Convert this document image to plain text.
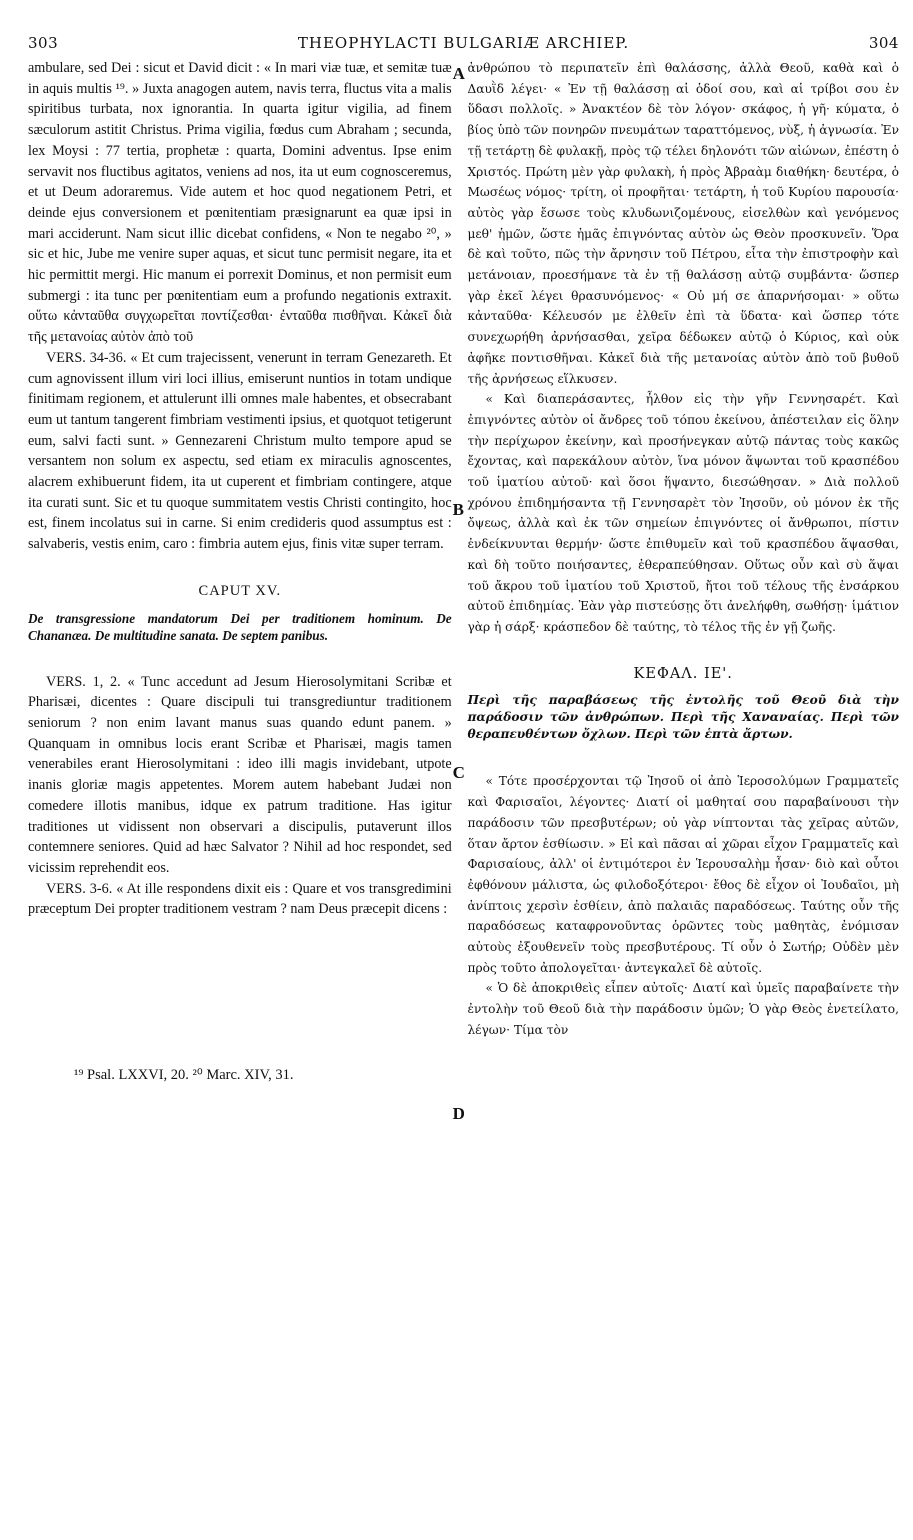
303	THEOPHYLACTI BULGARIÆ ARCHIEP.	304

ambulare, sed Dei : sicut et David dicit : « In mari viæ tuæ, et semitæ tuæ in aquis multis ¹⁹. » Juxta anagogen autem, navis terra, fluctus vita a malis spiritibus turbata, nox ignorantia. In quarta igitur vigilia, ad finem sæculorum astitit Christus. Prima vigilia, fœdus cum Abraham ; secunda, lex Moysi : 77 tertia, prophetæ : quarta, Domini adventus. Ipse enim servavit nos fluctibus agitatos, veniens ad nos, ita ut eum cognosceremus, et ut Deum adoraremus. Vide autem et hoc quod negationem Petri, et deinde ejus conversionem et pœnitentiam præsignarunt ea quæ ipsi in mari acciderunt. Nam sicut illic dicebat confidens, « Non te negabo ²⁰, » sic et hic, Jube me venire super aquas, et sicut tunc permisit negare, ita et hic permittit mergi. Hic manum ei porrexit Dominus, et non permisit eum submergi : ita tunc per pœnitentiam eum a profundo negationis extraxit. οὕτω κἀνταῦθα συγχωρεῖται ποντίζεσθαι· ἐνταῦθα πισθῆναι. Κἀκεῖ διὰ τῆς μετανοίας αὐτὸν ἀπὸ τοῦ

VERS. 34-36. « Et cum trajecissent, venerunt in terram Genezareth. Et cum agnovissent illum viri loci illius, emiserunt nuntios in totam undique finitimam regionem, et attulerunt illi omnes male habentes, et obsecrabant eum ut tantum tangerent fimbriam vestimenti ipsius, et quotquot tetigerunt eum, salvi facti sunt. » Gennezareni Christum multo tempore apud se versantem non solum ex aspectu, sed etiam ex miraculis agnoscentes, alacrem exhibuerunt fidem, ita ut cuperent et fimbriam contingere, atque ita curati sunt. Sic et tu quoque summitatem vestis Christi contingito, hoc est, finem incolatus sui in carne. Si enim credideris quod assumptus est : salvaberis, vestis enim, caro : fimbria autem ejus, finis vitæ super terram.

CAPUT XV.

De transgressione mandatorum Dei per traditionem hominum. De Chananæa. De multitudine sanata. De septem panibus.

VERS. 1, 2. « Tunc accedunt ad Jesum Hierosolymitani Scribæ et Pharisæi, dicentes : Quare discipuli tui transgrediuntur traditionem seniorum ? non enim lavant manus suas quando edunt panem. » Quanquam in omnibus locis erant Scribæ et Pharisæi, magis tamen venerabiles erant Hierosolymitani : ideo illi magis invidebant, utpote inanis gloriæ magis appetentes. Morem autem habebant Judæi non comedere illotis manibus, idque ex patrum traditione. Has igitur traditiones ut vidissent non observari a discipulis, putaverunt illos contemnere seniores. Quid ad hæc Salvator ? Nihil ad hoc respondet, sed vicissim reprehendit eos.

VERS. 3-6. « At ille respondens dixit eis : Quare et vos transgredimini præceptum Dei propter traditionem vestram ? nam Deus præcepit dicens :

A
B
C
D

ἀνθρώπου τὸ περιπατεῖν ἐπὶ θαλάσσης, ἀλλὰ Θεοῦ, καθὰ καὶ ὁ Δαυῒδ λέγει· « Ἐν τῇ θαλάσσῃ αἱ ὁδοί σου, καὶ αἱ τρίβοι σου ἐν ὕδασι πολλοῖς. » Ἀνακτέον δὲ τὸν λόγον· σκάφος, ἡ γῆ· κύματα, ὁ βίος ὑπὸ τῶν πονηρῶν πνευμάτων ταραττόμενος, νὺξ, ἡ ἀγνωσία. Ἐν τῇ τετάρτῃ δὲ φυλακῇ, πρὸς τῷ τέλει δηλονότι τῶν αἰώνων, ἐπέστη ὁ Χριστός. Πρώτη μὲν γὰρ φυλακὴ, ἡ πρὸς Ἀβραὰμ διαθήκη· δευτέρα, ὁ Μωσέως νόμος· τρίτη, οἱ προφῆται· τετάρτη, ἡ τοῦ Κυρίου παρουσία· αὐτὸς γὰρ ἔσωσε τοὺς κλυδωνιζομένους, εἰσελθὼν καὶ γενόμενος μεθ' ἡμῶν, ὥστε ἡμᾶς ἐπιγνόντας αὐτὸν ὡς Θεὸν προσκυνεῖν. Ὅρα δὲ καὶ τοῦτο, πῶς τὴν ἄρνησιν τοῦ Πέτρου, εἶτα τὴν ἐπιστροφὴν καὶ μετάνοιαν, προεσήμανε τὰ ἐν τῇ θαλάσσῃ αὐτῷ συμβάντα· ὥσπερ γὰρ ἐκεῖ λέγει θρασυνόμενος· « Οὐ μή σε ἀπαρνήσομαι· » οὕτω κἀνταῦθα· Κέλευσόν με ἐλθεῖν ἐπὶ τὰ ὕδατα· καὶ ὥσπερ τότε συνεχωρήθη ἀρνήσασθαι, χεῖρα δέδωκεν αὐτῷ ὁ Κύριος, καὶ οὐκ ἀφῆκε ποντισθῆναι. Κἀκεῖ διὰ τῆς μετανοίας αὐτὸν ἀπὸ τοῦ βυθοῦ τῆς ἀρνήσεως εἵλκυσεν.

« Καὶ διαπεράσαντες, ἦλθον εἰς τὴν γῆν Γεννησαρέτ. Καὶ ἐπιγνόντες αὐτὸν οἱ ἄνδρες τοῦ τόπου ἐκείνου, ἀπέστειλαν εἰς ὅλην τὴν περίχωρον ἐκείνην, καὶ προσήνεγκαν αὐτῷ πάντας τοὺς κακῶς ἔχοντας, καὶ παρεκάλουν αὐτὸν, ἵνα μόνον ἅψωνται τοῦ κρασπέδου τοῦ ἱματίου αὐτοῦ· καὶ ὅσοι ἥψαντο, διεσώθησαν. » Διὰ πολλοῦ χρόνου ἐπιδημήσαντα τῇ Γεννησαρὲτ τὸν Ἰησοῦν, οὐ μόνον ἐκ τῆς ὄψεως, ἀλλὰ καὶ ἐκ τῶν σημείων ἐπιγνόντες οἱ ἄνθρωποι, πίστιν ἐνδείκνυνται θερμήν· ὥστε ἐπιθυμεῖν καὶ τοῦ κρασπέδου ἅψασθαι, καὶ δὴ τοῦτο ποιήσαντες, ἐθεραπεύθησαν. Οὕτως οὖν καὶ σὺ ἅψαι τοῦ ἄκρου τοῦ ἱματίου τοῦ Χριστοῦ, ἤτοι τοῦ τέλους τῆς ἐνσάρκου αὐτοῦ ἐπιδημίας. Ἐὰν γὰρ πιστεύσῃς ὅτι ἀνελήφθη, σωθήσῃ· ἱμάτιον γὰρ ἡ σάρξ· κράσπεδον δὲ ταύτης, τὸ τέλος τῆς ἐν γῇ ζωῆς.

ΚΕΦΑΛ. ΙΕ'.

Περὶ τῆς παραβάσεως τῆς ἐντολῆς τοῦ Θεοῦ διὰ τὴν παράδοσιν τῶν ἀνθρώπων. Περὶ τῆς Χαναναίας. Περὶ τῶν θεραπευθέντων ὄχλων. Περὶ τῶν ἑπτὰ ἄρτων.

« Τότε προσέρχονται τῷ Ἰησοῦ οἱ ἀπὸ Ἱεροσολύμων Γραμματεῖς καὶ Φαρισαῖοι, λέγοντες· Διατί οἱ μαθηταί σου παραβαίνουσι τὴν παράδοσιν τῶν πρεσβυτέρων; οὐ γὰρ νίπτονται τὰς χεῖρας αὐτῶν, ὅταν ἄρτον ἐσθίωσιν. » Εἰ καὶ πᾶσαι αἱ χῶραι εἶχον Γραμματεῖς καὶ Φαρισαίους, ἀλλ' οἱ ἐντιμότεροι ἐν Ἱερουσαλὴμ ἦσαν· διὸ καὶ οὗτοι ἐφθόνουν μάλιστα, ὡς φιλοδοξότεροι· ἔθος δὲ εἶχον οἱ Ἰουδαῖοι, μὴ ἀνίπτοις χερσὶν ἐσθίειν, ἀπὸ παλαιᾶς παραδόσεως. Ταύτης οὖν τῆς παραδόσεως καταφρονοῦντας ὁρῶντες τοὺς μαθητὰς, ἐνόμισαν αὐτοὺς ἐξουθενεῖν τοὺς πρεσβυτέρους. Τί οὖν ὁ Σωτήρ; Οὐδὲν μὲν πρὸς τοῦτο ἀπολογεῖται· ἀντεγκαλεῖ δὲ αὐτοῖς.

« Ὁ δὲ ἀποκριθεὶς εἶπεν αὐτοῖς· Διατί καὶ ὑμεῖς παραβαίνετε τὴν ἐντολὴν τοῦ Θεοῦ διὰ τὴν παράδοσιν ὑμῶν; Ὁ γὰρ Θεὸς ἐνετείλατο, λέγων· Τίμα τὸν

¹⁹ Psal. LXXVI, 20. ²⁰ Marc. XIV, 31.
